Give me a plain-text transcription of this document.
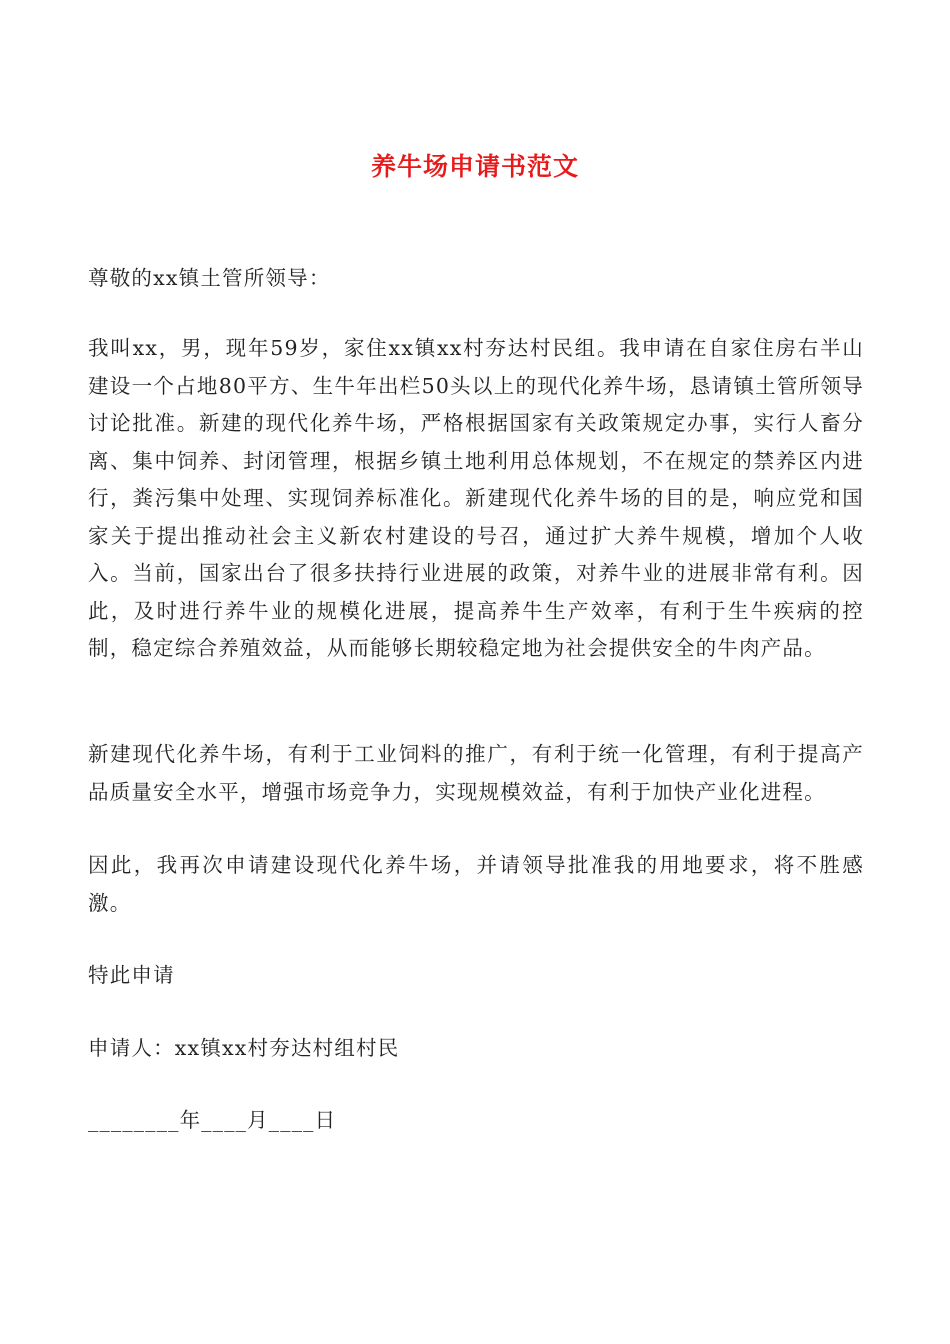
养牛场申请书范文

尊敬的xx镇土管所领导：

我叫xx，男，现年59岁，家住xx镇xx村夯达村民组。我申请在自家住房右半山建设一个占地80平方、生牛年出栏50头以上的现代化养牛场，恳请镇土管所领导讨论批准。新建的现代化养牛场，严格根据国家有关政策规定办事，实行人畜分离、集中饲养、封闭管理，根据乡镇土地利用总体规划，不在规定的禁养区内进行，粪污集中处理、实现饲养标准化。新建现代化养牛场的目的是，响应党和国家关于提出推动社会主义新农村建设的号召，通过扩大养牛规模，增加个人收入。当前，国家出台了很多扶持行业进展的政策，对养牛业的进展非常有利。因此，及时进行养牛业的规模化进展，提高养牛生产效率，有利于生牛疾病的控制，稳定综合养殖效益，从而能够长期较稳定地为社会提供安全的牛肉产品。

新建现代化养牛场，有利于工业饲料的推广，有利于统一化管理，有利于提高产品质量安全水平，增强市场竞争力，实现规模效益，有利于加快产业化进程。

因此，我再次申请建设现代化养牛场，并请领导批准我的用地要求，将不胜感激。

特此申请

申请人：xx镇xx村夯达村组村民

________年____月____日
